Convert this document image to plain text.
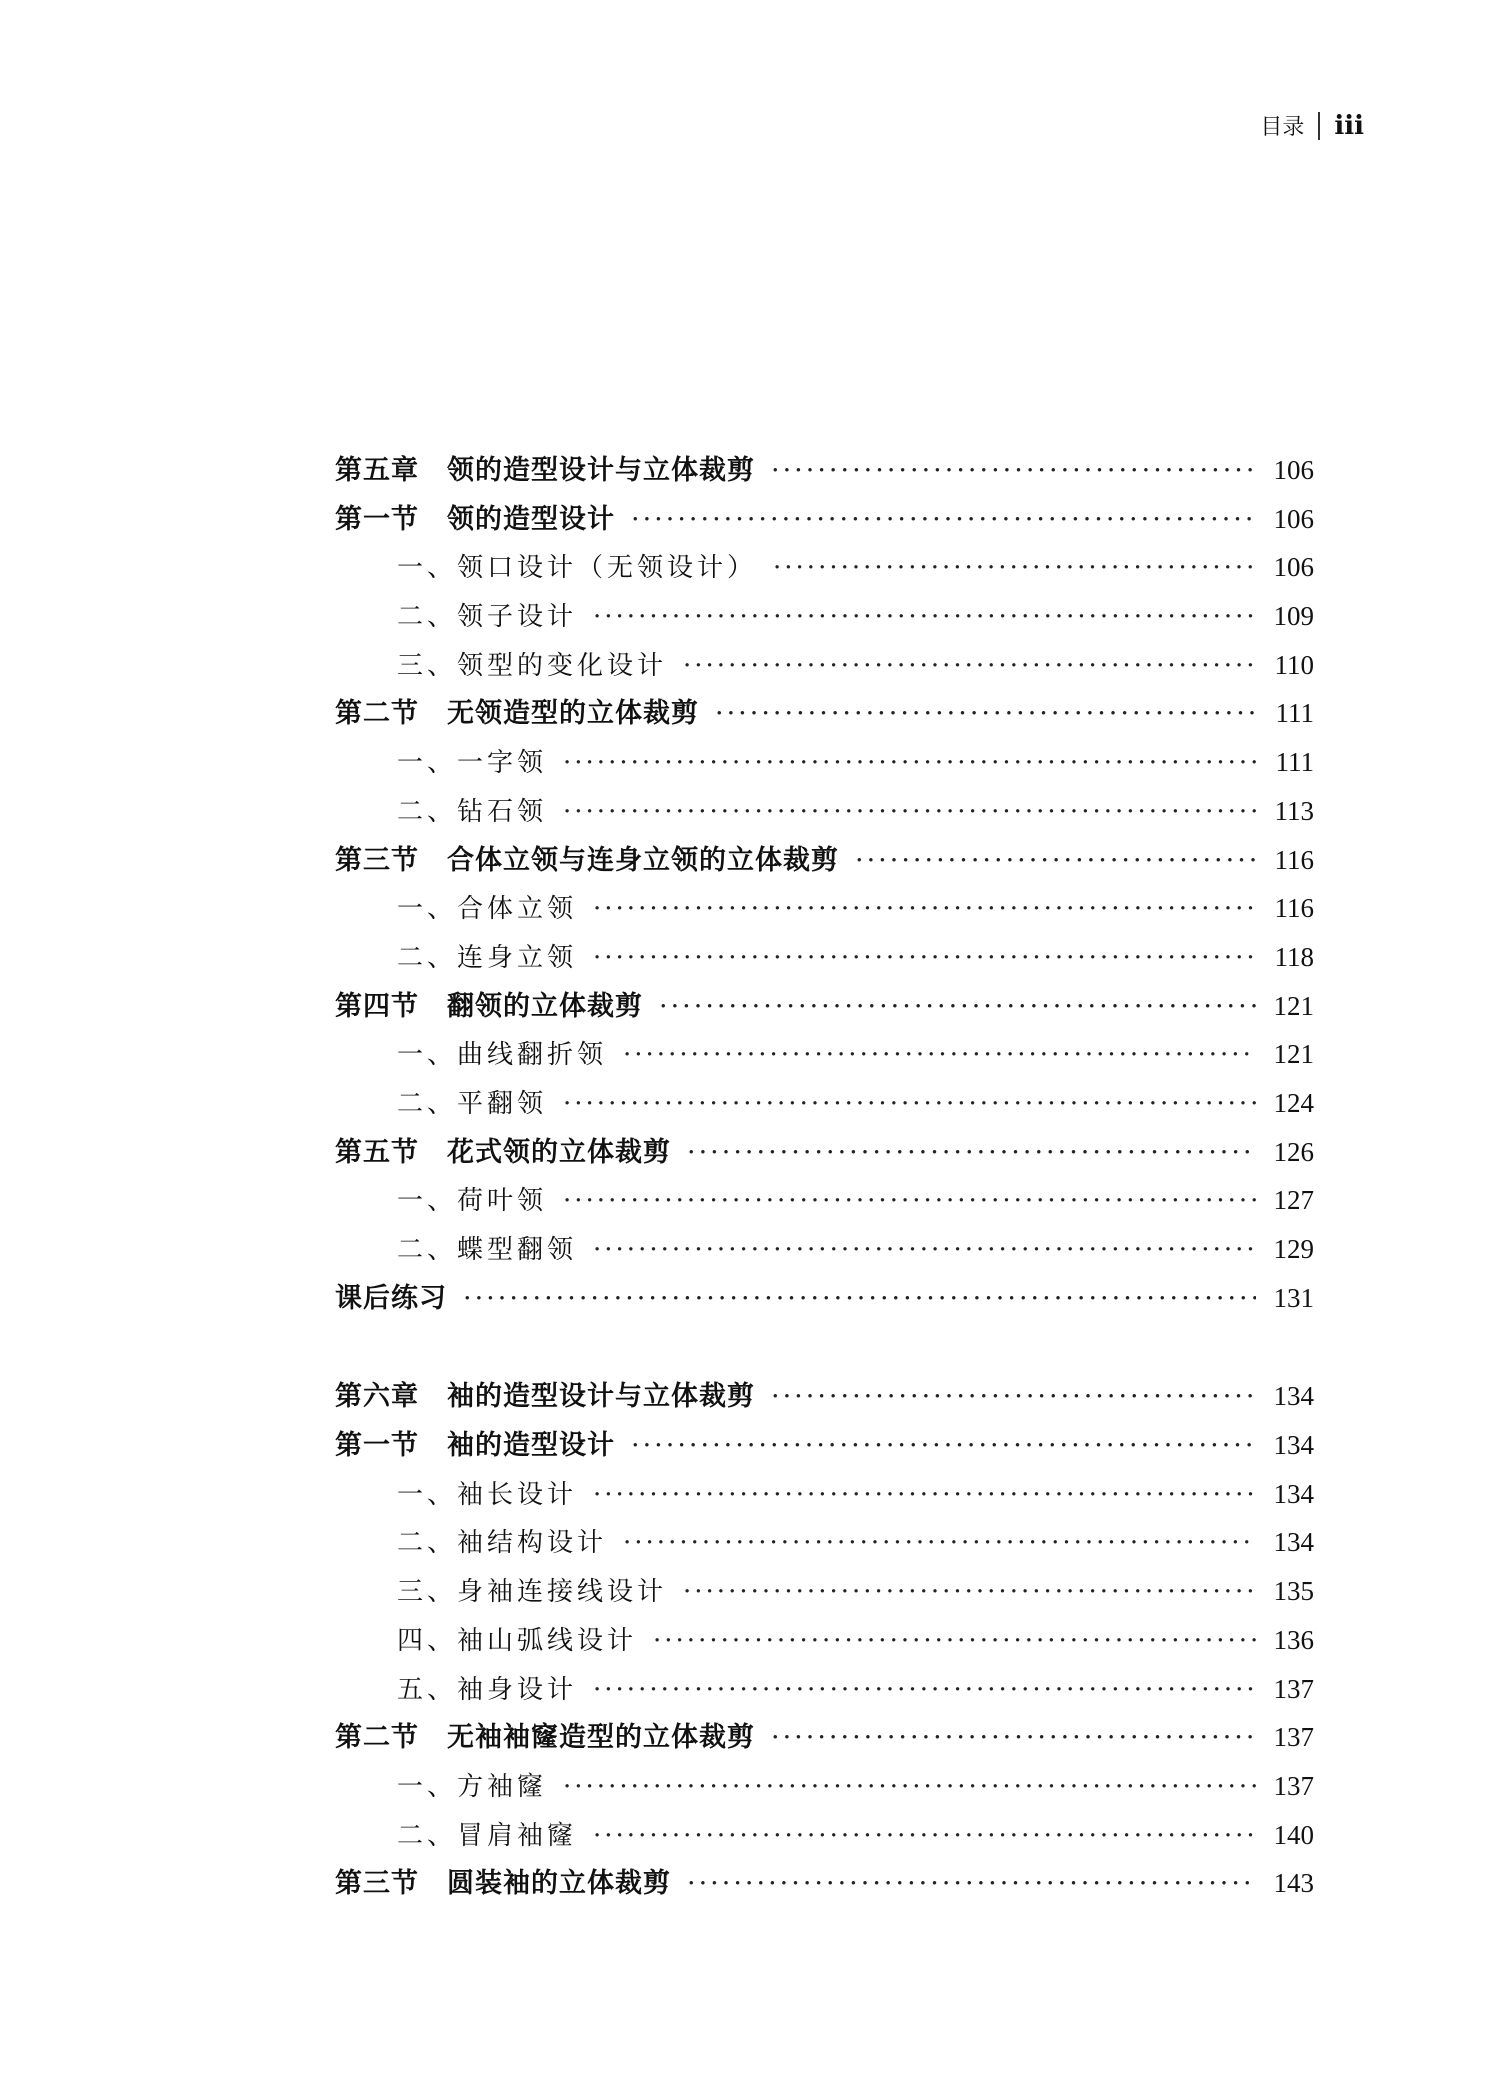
目录 iii
第五章 领的造型设计与立体裁剪 ·····	106
第一节 领的造型设计 ·····	106
一、领口设计（无领设计） ·····	106
二、领子设计 ·····	109
三、领型的变化设计 ·····	110
第二节 无领造型的立体裁剪 ·····	111
一、一字领 ·····	111
二、钻石领 ·····	113
第三节 合体立领与连身立领的立体裁剪 ·····	116
一、合体立领 ·····	116
二、连身立领 ·····	118
第四节 翻领的立体裁剪 ·····	121
一、曲线翻折领 ·····	121
二、平翻领 ·····	124
第五节 花式领的立体裁剪 ·····	126
一、荷叶领 ·····	127
二、蝶型翻领 ·····	129
课后练习 ·····	131
第六章 袖的造型设计与立体裁剪 ·····	134
第一节 袖的造型设计 ·····	134
一、袖长设计 ·····	134
二、袖结构设计 ·····	134
三、身袖连接线设计 ·····	135
四、袖山弧线设计 ·····	136
五、袖身设计 ·····	137
第二节 无袖袖窿造型的立体裁剪 ·····	137
一、方袖窿 ·····	137
二、冒肩袖窿 ·····	140
第三节 圆装袖的立体裁剪 ·····	143
